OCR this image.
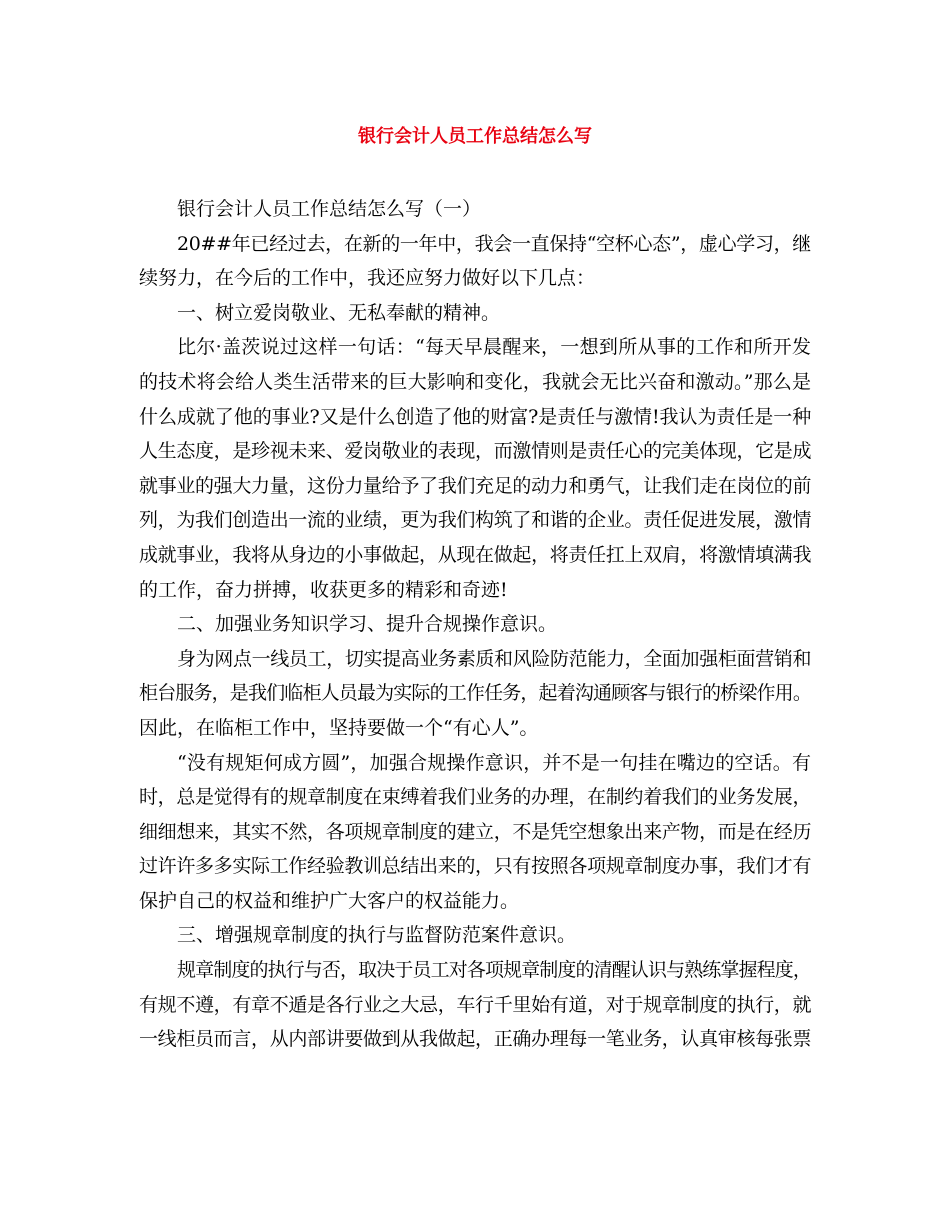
银行会计人员工作总结怎么写
银行会计人员工作总结怎么写（一）
20##年已经过去，在新的一年中，我会一直保持“空杯心态”，虚心学习，继
续努力，在今后的工作中，我还应努力做好以下几点：
一、树立爱岗敬业、无私奉献的精神。
比尔·盖茨说过这样一句话：“每天早晨醒来，一想到所从事的工作和所开发
的技术将会给人类生活带来的巨大影响和变化，我就会无比兴奋和激动。”那么是
什么成就了他的事业?又是什么创造了他的财富?是责任与激情!我认为责任是一种
人生态度，是珍视未来、爱岗敬业的表现，而激情则是责任心的完美体现，它是成
就事业的强大力量，这份力量给予了我们充足的动力和勇气，让我们走在岗位的前
列，为我们创造出一流的业绩，更为我们构筑了和谐的企业。责任促进发展，激情
成就事业，我将从身边的小事做起，从现在做起，将责任扛上双肩，将激情填满我
的工作，奋力拼搏，收获更多的精彩和奇迹!
二、加强业务知识学习、提升合规操作意识。
身为网点一线员工，切实提高业务素质和风险防范能力，全面加强柜面营销和
柜台服务，是我们临柜人员最为实际的工作任务，起着沟通顾客与银行的桥梁作用。
因此，在临柜工作中，坚持要做一个“有心人”。
“没有规矩何成方圆”，加强合规操作意识，并不是一句挂在嘴边的空话。有
时，总是觉得有的规章制度在束缚着我们业务的办理，在制约着我们的业务发展，
细细想来，其实不然，各项规章制度的建立，不是凭空想象出来产物，而是在经历
过许许多多实际工作经验教训总结出来的，只有按照各项规章制度办事，我们才有
保护自己的权益和维护广大客户的权益能力。
三、增强规章制度的执行与监督防范案件意识。
规章制度的执行与否，取决于员工对各项规章制度的清醒认识与熟练掌握程度，
有规不遵，有章不遁是各行业之大忌，车行千里始有道，对于规章制度的执行，就
一线柜员而言，从内部讲要做到从我做起，正确办理每一笔业务，认真审核每张票
